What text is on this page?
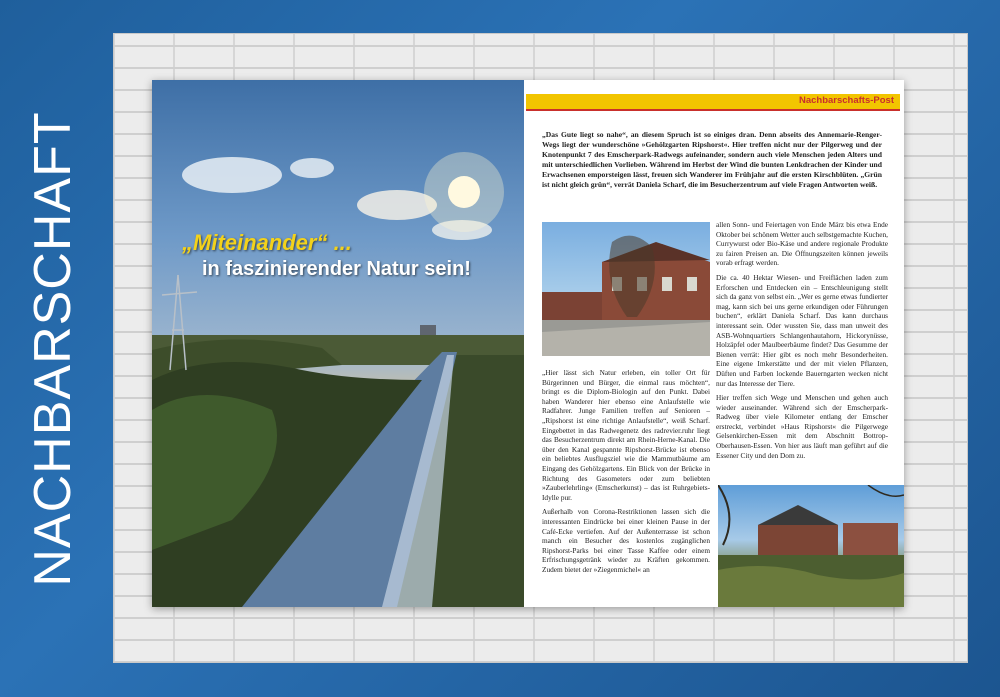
NACHBARSCHAFT	„Miteinander“ ...
in faszinierender Natur sein!
Nachbarschafts-Post
„Das Gute liegt so nahe“, an diesem Spruch ist so einiges dran. Denn abseits des Annemarie-Renger-Wegs liegt der wunderschöne »Gehölzgarten Ripshorst«. Hier treffen nicht nur der Pilgerweg und der Knotenpunkt 7 des Emscherpark-Radwegs aufeinander, sondern auch viele Menschen jeden Alters und mit unterschiedlichen Vorlieben. Während im Herbst der Wind die bunten Lenkdrachen der Kinder und Erwachsenen emporsteigen lässt, freuen sich Wanderer im Frühjahr auf die ersten Kirschblüten. „Grün ist nicht gleich grün“, verrät Daniela Scharf, die im Besucherzentrum auf viele Fragen Antworten weiß.

„Hier lässt sich Natur erleben, ein toller Ort für Bürgerinnen und Bürger, die einmal raus möchten“, bringt es die Diplom-Biologin auf den Punkt. Dabei haben Wanderer hier ebenso eine Anlaufstelle wie Radfahrer. Junge Familien treffen auf Senioren – „Ripshorst ist eine richtige Anlaufstelle“, weiß Scharf. Eingebettet in das Radwegenetz des radrevier.ruhr liegt das Besucherzentrum direkt am Rhein-Herne-Kanal. Die über den Kanal gespannte Ripshorst-Brücke ist ebenso ein beliebtes Ausflugsziel wie die Mammutbäume am Eingang des Gehölzgartens. Ein Blick von der Brücke in Richtung des Gasometers oder zum beliebten »Zauberlehrling« (Emscherkunst) – das ist Ruhrgebiets-Idylle pur.

Außerhalb von Corona-Restriktionen lassen sich die interessanten Eindrücke bei einer kleinen Pause in der Café-Ecke vertiefen. Auf der Außenterrasse ist schon manch ein Besucher des kostenlos zugänglichen Ripshorst-Parks bei einer Tasse Kaffee oder einem Erfrischungsgetränk wieder zu Kräften gekommen. Zudem bietet der »Ziegenmichel« an

allen Sonn- und Feiertagen von Ende März bis etwa Ende Oktober bei schönem Wetter auch selbstgemachte Kuchen, Currywurst oder Bio-Käse und andere regionale Produkte zu fairen Preisen an. Die Öffnungszeiten können jeweils vorab erfragt werden.

Die ca. 40 Hektar Wiesen- und Freiflächen laden zum Erforschen und Entdecken ein – Entschleunigung stellt sich da ganz von selbst ein. „Wer es gerne etwas fundierter mag, kann sich bei uns gerne erkundigen oder Führungen buchen“, erklärt Daniela Scharf. Das kann durchaus interessant sein. Oder wussten Sie, dass man unweit des ASB-Wohnquartiers Schlangenhautahorn, Hickorynüsse, Holzäpfel oder Maulbeerbäume findet? Das Gesumme der Bienen verrät: Hier gibt es noch mehr Besonderheiten. Eine eigene Imkerstätte und der mit vielen Pflanzen, Düften und Farben lockende Bauerngarten wecken nicht nur das Interesse der Tiere.

Hier treffen sich Wege und Menschen und gehen auch wieder auseinander. Während sich der Emscherpark-Radweg über viele Kilometer entlang der Emscher erstreckt, verbindet »Haus Ripshorst« die Pilgerwege Gelsenkirchen-Essen mit dem Abschnitt Bottrop-Oberhausen-Essen. Von hier aus läuft man geführt auf die Essener City und den Dom zu.
